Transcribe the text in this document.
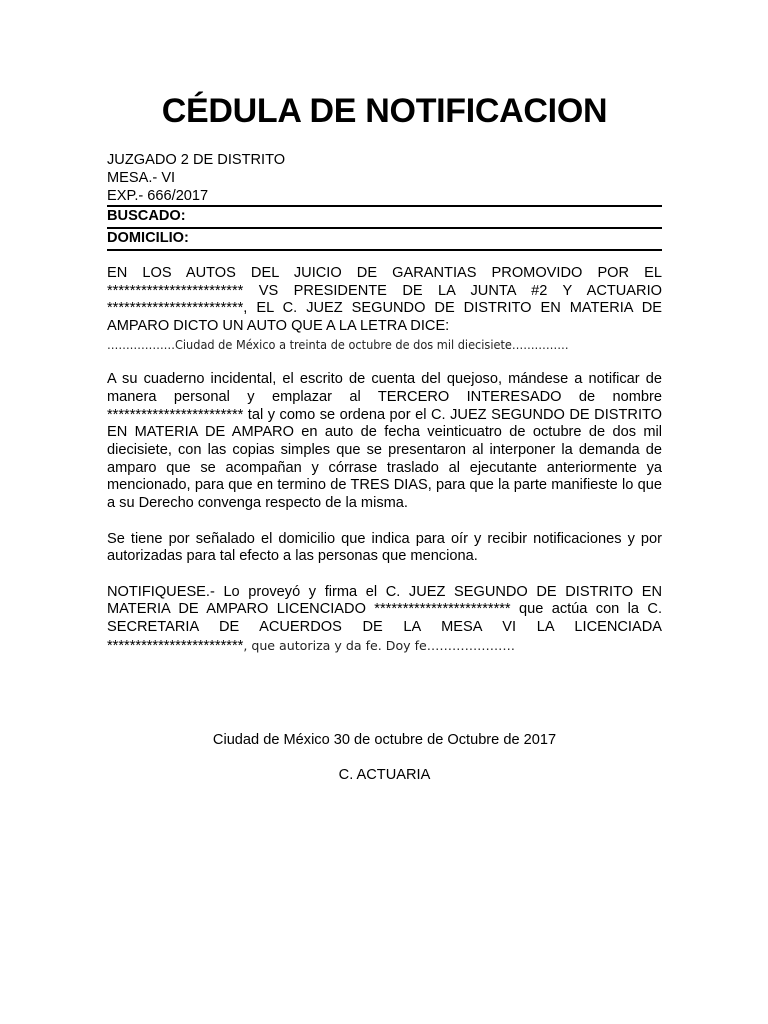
CÉDULA DE NOTIFICACION
JUZGADO 2 DE DISTRITO
MESA.- VI
EXP.- 666/2017
BUSCADO:
DOMICILIO:

EN LOS AUTOS DEL JUICIO DE GARANTIAS PROMOVIDO POR EL ************************ VS PRESIDENTE DE LA JUNTA #2 Y ACTUARIO ************************, EL C. JUEZ SEGUNDO DE DISTRITO EN MATERIA DE AMPARO DICTO UN AUTO QUE A LA LETRA DICE:

………………Ciudad de México a treinta de octubre de dos mil diecisiete……………

A su cuaderno incidental, el escrito de cuenta del quejoso, mándese a notificar de manera personal y emplazar al TERCERO INTERESADO de nombre ************************ tal y como se ordena por el C. JUEZ SEGUNDO DE DISTRITO EN MATERIA DE AMPARO en auto de fecha veinticuatro de octubre de dos mil diecisiete, con las copias simples que se presentaron al interponer la demanda de amparo que se acompañan y córrase traslado al ejecutante anteriormente ya mencionado, para que en termino de TRES DIAS, para que la parte manifieste lo que a su Derecho convenga respecto de la misma.

Se tiene por señalado el domicilio que indica para oír y recibir notificaciones y por autorizadas para tal efecto a las personas que menciona.

NOTIFIQUESE.- Lo proveyó y firma el C. JUEZ SEGUNDO DE DISTRITO EN MATERIA DE AMPARO LICENCIADO ************************ que actúa con la C. SECRETARIA DE ACUERDOS DE LA MESA VI LA LICENCIADA ************************, que autoriza y da fe. Doy fe…………………

Ciudad de México 30 de octubre de Octubre de 2017
C. ACTUARIA
